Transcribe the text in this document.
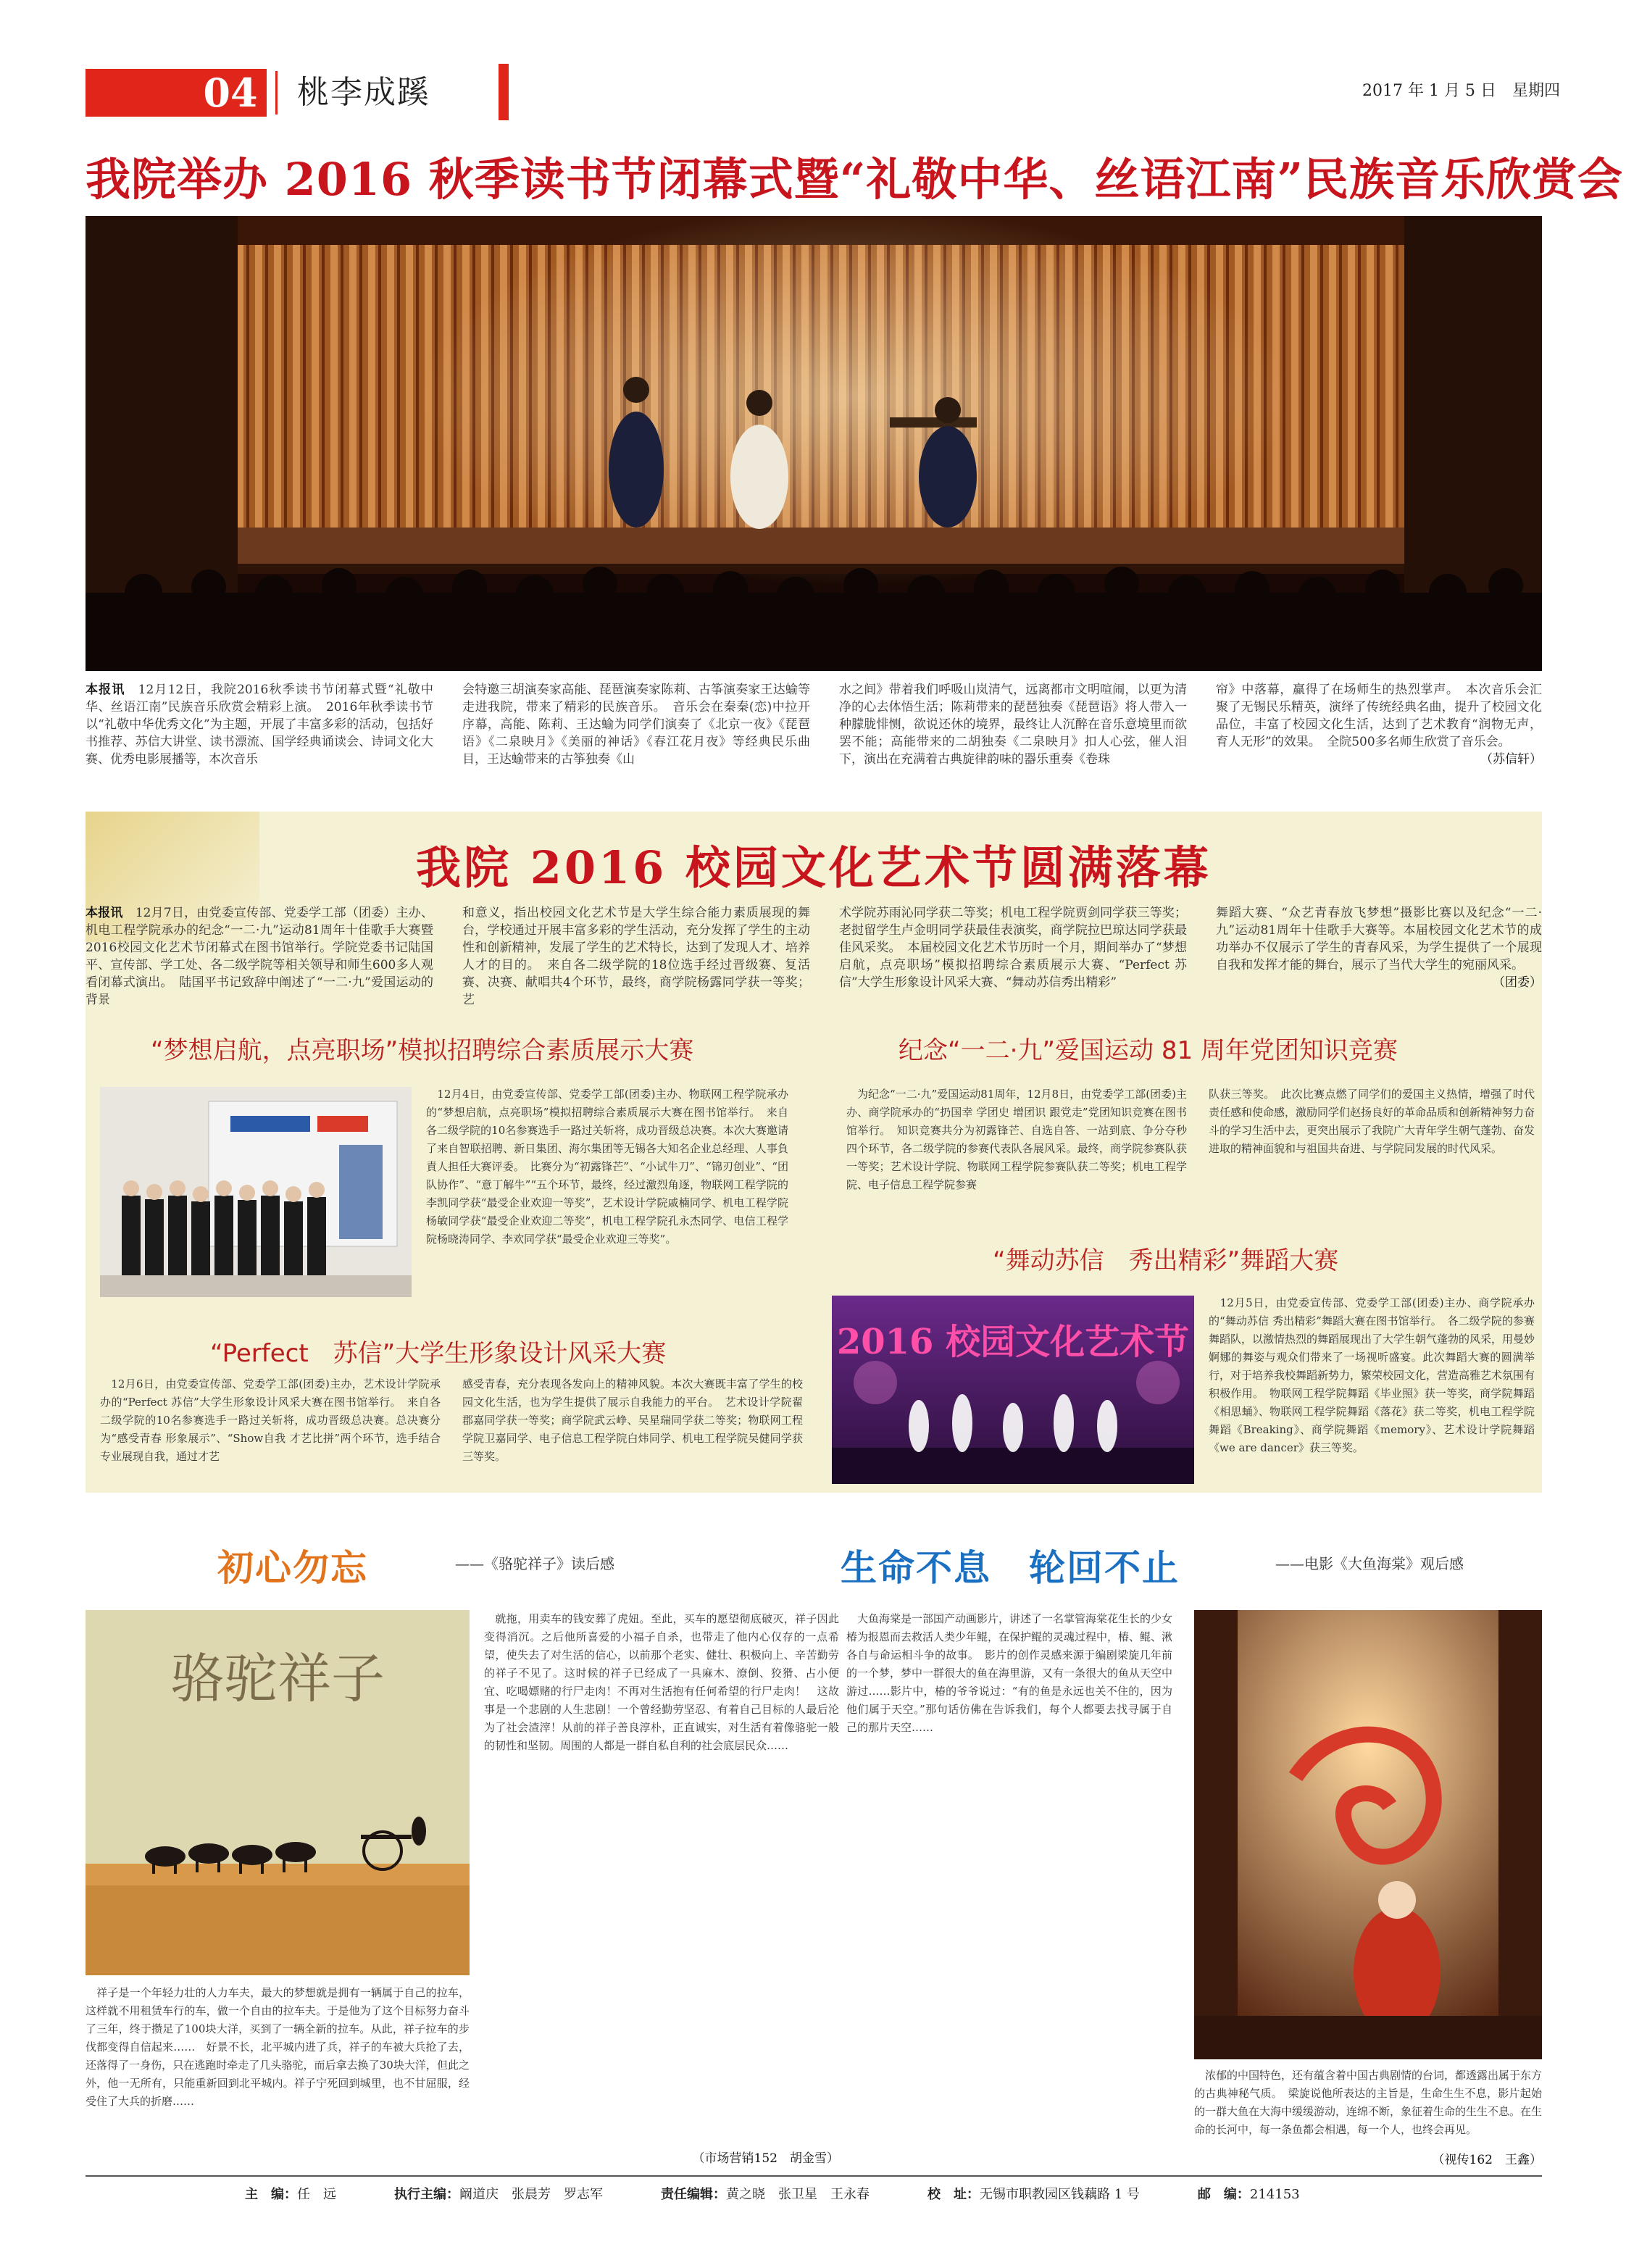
04 桃李成蹊	2017 年 1 月 5 日　星期四
我院举办 2016 秋季读书节闭幕式暨“礼敬中华、丝语江南”民族音乐欣赏会
本报讯　12月12日，我院2016秋季读书节闭幕式暨“礼敬中华、丝语江南”民族音乐欣赏会精彩上演。　2016年秋季读书节以“礼敬中华优秀文化”为主题，开展了丰富多彩的活动，包括好书推荐、苏信大讲堂、读书漂流、国学经典诵读会、诗词文化大赛、优秀电影展播等，本次音乐
会特邀三胡演奏家高能、琵琶演奏家陈莉、古筝演奏家王达蝓等走进我院，带来了精彩的民族音乐。　音乐会在秦秦(恋)中拉开序幕，高能、陈莉、王达蝓为同学们演奏了《北京一夜》《琵琶语》《二泉映月》《美丽的神话》《春江花月夜》等经典民乐曲目，王达蝓带来的古筝独奏《山
水之间》带着我们呼吸山岚清气，远离都市文明喧闹，以更为清净的心去体悟生活；陈莉带来的琵琶独奏《琵琶语》将人带入一种朦胧悱恻，欲说还休的境界，最终让人沉醉在音乐意境里而欲罢不能；高能带来的二胡独奏《二泉映月》扣人心弦，催人泪下，演出在充满着古典旋律韵味的器乐重奏《卷珠
帘》中落幕，赢得了在场师生的热烈掌声。　本次音乐会汇聚了无锡民乐精英，演绎了传统经典名曲，提升了校园文化品位，丰富了校园文化生活，达到了艺术教育“润物无声，育人无形”的效果。　全院500多名师生欣赏了音乐会。
（苏信轩）
我院 2016 校园文化艺术节圆满落幕
本报讯　12月7日，由党委宣传部、党委学工部（团委）主办、机电工程学院承办的纪念“一二·九”运动81周年十佳歌手大赛暨2016校园文化艺术节闭幕式在图书馆举行。学院党委书记陆国平、宣传部、学工处、各二级学院等相关领导和师生600多人观看闭幕式演出。　陆国平书记致辞中阐述了“一二·九”爱国运动的背景
和意义，指出校园文化艺术节是大学生综合能力素质展现的舞台，学校通过开展丰富多彩的学生活动，充分发挥了学生的主动性和创新精神，发展了学生的艺术特长，达到了发现人才、培养人才的目的。　来自各二级学院的18位选手经过晋级赛、复活赛、决赛、献唱共4个环节，最终，商学院杨露同学获一等奖；艺
术学院苏雨沁同学获二等奖；机电工程学院贾剑同学获三等奖；老挝留学生卢金明同学获最佳表演奖，商学院拉巴琼达同学获最佳风采奖。　本届校园文化艺术节历时一个月，期间举办了“梦想启航，点亮职场”模拟招聘综合素质展示大赛、“Perfect 苏信”大学生形象设计风采大赛、“舞动苏信秀出精彩”
舞蹈大赛、“众艺青春放飞梦想”摄影比赛以及纪念“一二·九”运动81周年十佳歌手大赛等。本届校园文化艺术节的成功举办不仅展示了学生的青春风采，为学生提供了一个展现自我和发挥才能的舞台，展示了当代大学生的宛丽风采。
（团委）
“梦想启航，点亮职场”模拟招聘综合素质展示大赛
　12月4日，由党委宣传部、党委学工部(团委)主办、物联网工程学院承办的“梦想启航，点亮职场”模拟招聘综合素质展示大赛在图书馆举行。　来自各二级学院的10名参赛选手一路过关斩将，成功晋级总决赛。本次大赛邀请了来自智联招聘、新日集团、海尔集团等无锡各大知名企业总经理、人事負責人担任大赛评委。　比赛分为“初露锋芒”、“小试牛刀”、“锦刃创业”、“团队协作”、“意丁解牛”“五个环节，最终，经过激烈角逐，物联网工程学院的李凯同学获“最受企业欢迎一等奖”，艺术设计学院戚楠同学、机电工程学院杨敏同学获“最受企业欢迎二等奖”，机电工程学院孔永杰同学、电信工程学院杨晓涛同学、李欢同学获“最受企业欢迎三等奖”。
纪念“一二·九”爱国运动 81 周年党团知识竞赛
　为纪念“一二·九”爱国运动81周年，12月8日，由党委学工部(团委)主办、商学院承办的“扔国幸 学团史 增团识 跟党走”党团知识竞赛在图书馆举行。　知识竞赛共分为初露锋芒、自选自答、一站到底、争分夺秒四个环节，各二级学院的参赛代表队各展风采。最终，商学院参赛队获一等奖；艺术设计学院、物联网工程学院参赛队获二等奖；机电工程学院、电子信息工程学院参赛
队获三等奖。　此次比赛点燃了同学们的爱国主义热情，增强了时代责任感和使命感，激励同学们赵扬良好的革命品质和创新精神努力奋斗的学习生活中去，更突出展示了我院广大青年学生朝气蓬勃、奋发进取的精神面貌和与祖国共奋进、与学院同发展的时代风采。
“Perfect　苏信”大学生形象设计风采大赛
　12月6日，由党委宣传部、党委学工部(团委)主办，艺术设计学院承办的“Perfect 苏信”大学生形象设计风采大赛在图书馆举行。　来自各二级学院的10名参赛选手一路过关斩将，成功晋级总决赛。总决赛分为“感受青春 形象展示”、“Show自我 才艺比拼”两个环节，选手结合专业展现自我，通过才艺
感受青春，充分表现各发向上的精神风貌。本次大赛既丰富了学生的校园文化生活，也为学生提供了展示自我能力的平台。　艺术设计学院翟郡嘉同学获一等奖；商学院武云峥、吴星瑞同学获二等奖；物联网工程学院卫嘉同学、电子信息工程学院白炜同学、机电工程学院吴健同学获三等奖。
“舞动苏信　秀出精彩”舞蹈大赛
2016 校园文化艺术节
　12月5日，由党委宣传部、党委学工部(团委)主办、商学院承办的“舞动苏信 秀出精彩”舞蹈大赛在图书馆举行。　各二级学院的参赛舞蹈队，以激情热烈的舞蹈展现出了大学生朝气蓬勃的风采，用曼妙婀娜的舞姿与观众们带来了一场视听盛宴。此次舞蹈大赛的圆满举行，对于培养我校舞蹈新势力，繁荣校园文化，营造高雅艺术氛围有积极作用。　物联网工程学院舞蹈《毕业照》获一等奖，商学院舞蹈《相思蛹》、物联网工程学院舞蹈《落花》获二等奖，机电工程学院舞蹈《Breaking》、商学院舞蹈《memory》、艺术设计学院舞蹈《we are dancer》获三等奖。
初心勿忘	——《骆驼祥子》读后感	生命不息　轮回不止	——电影《大鱼海棠》观后感
骆驼祥子
　祥子是一个年轻力壮的人力车夫，最大的梦想就是拥有一辆属于自己的拉车，这样就不用租赁车行的车，做一个自由的拉车夫。于是他为了这个目标努力奋斗了三年，终于攒足了100块大洋，买到了一辆全新的拉车。从此，祥子拉车的步伐都变得自信起来……　好景不长，北平城内进了兵，祥子的车被大兵抢了去，还落得了一身伤，只在逃跑时牵走了几头骆驼，而后拿去换了30块大洋，但此之外，他一无所有，只能重新回到北平城内。祥子宁死回到城里，也不甘屈服，经受住了大兵的折磨……
　就拖，用卖车的钱安葬了虎妞。至此，买车的愿望彻底破灭，祥子因此变得消沉。之后他所喜爱的小福子自杀，也带走了他内心仅存的一点希望，使失去了对生活的信心，以前那个老实、健壮、积极向上、辛苦勤劳的祥子不见了。这时候的祥子已经成了一具麻木、潦倒、狡猾、占小便宜、吃喝嫖赌的行尸走肉！不再对生活抱有任何希望的行尸走肉！　这故事是一个悲剧的人生悲剧！一个曾经勤劳坚忍、有着自己目标的人最后沦为了社会渣滓！从前的祥子善良淳朴，正直诚实，对生活有着像骆驼一般的韧性和坚韧。周围的人都是一群自私自利的社会底层民众……
（市场营销152　胡金雪）
　大鱼海棠是一部国产动画影片，讲述了一名掌管海棠花生长的少女椿为报恩而去救活人类少年鲲，在保护鲲的灵魂过程中，椿、鲲、湫各自与命运相斗争的故事。　影片的创作灵感来源于编剧梁旋几年前的一个梦，梦中一群很大的鱼在海里游，又有一条很大的鱼从天空中游过……影片中，椿的爷爷说过：“有的鱼是永远也关不住的，因为他们属于天空。”那句话仿佛在告诉我们，每个人都要去找寻属于自己的那片天空……
　浓郁的中国特色，还有蕴含着中国古典剧情的台词，都透露出属于东方的古典神秘气质。　梁旋说他所表达的主旨是，生命生生不息，影片起始的一群大鱼在大海中缓缓游动，连绵不断，象征着生命的生生不息。在生命的长河中，每一条鱼都会相遇，每一个人，也终会再见。
（视传162　王鑫）
主　编：任　远	执行主编：阚道庆　张晨芳　罗志军	责任编辑：黄之晓　张卫星　王永春	校　址：无锡市职教园区钱藕路 1 号	邮　编：214153
